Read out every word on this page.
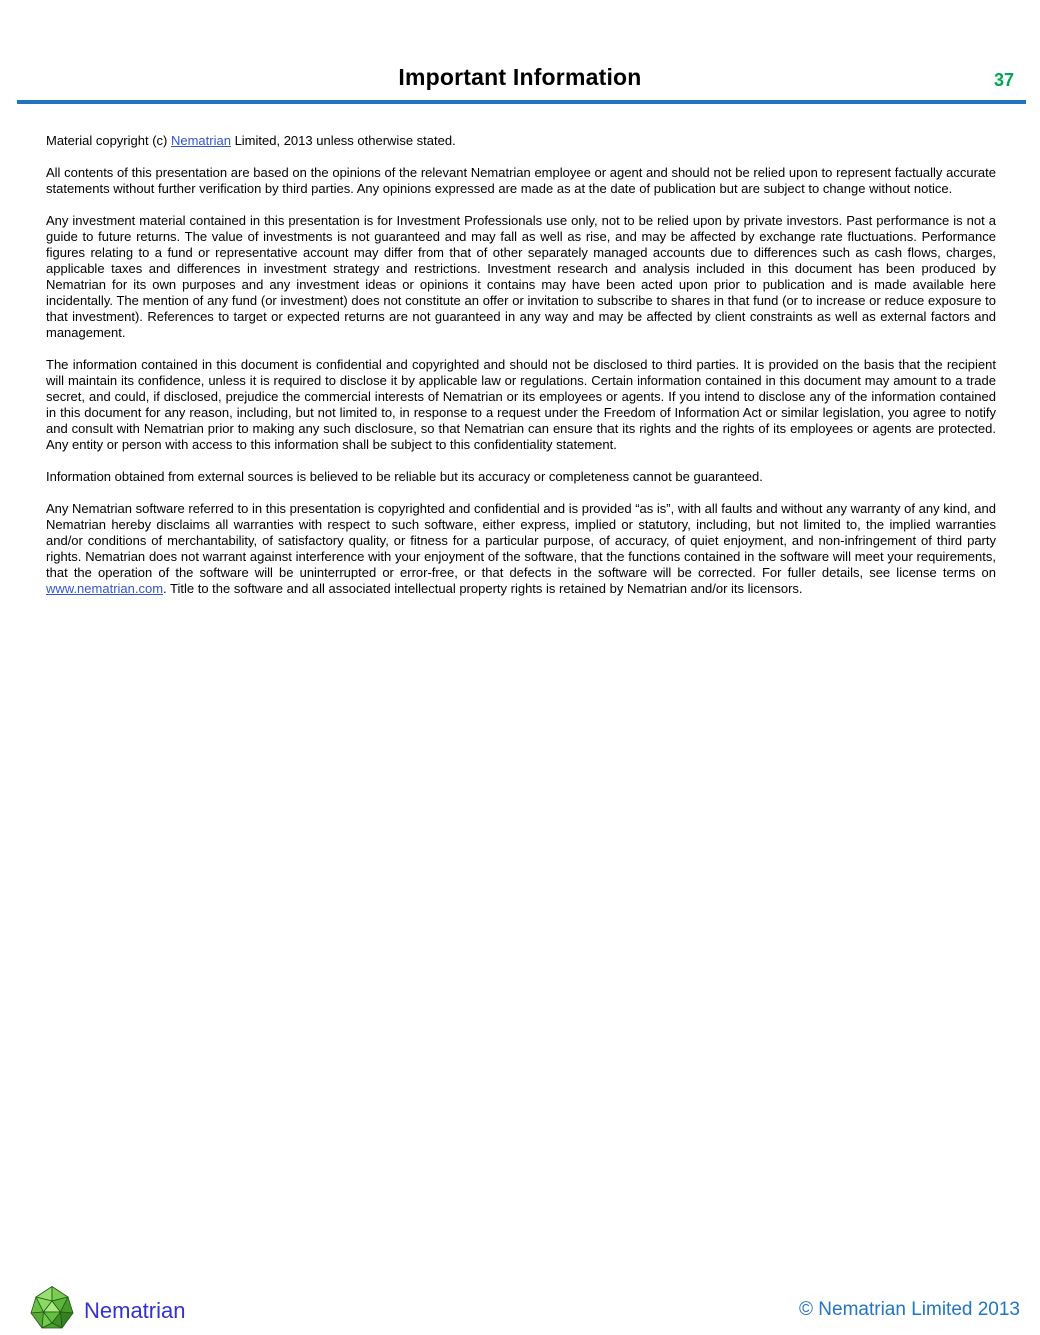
Important Information	37

Material copyright (c) Nematrian Limited, 2013 unless otherwise stated.

All contents of this presentation are based on the opinions of the relevant Nematrian employee or agent and should not be relied upon to represent factually accurate statements without further verification by third parties. Any opinions expressed are made as at the date of publication but are subject to change without notice.

Any investment material contained in this presentation is for Investment Professionals use only, not to be relied upon by private investors. Past performance is not a guide to future returns. The value of investments is not guaranteed and may fall as well as rise, and may be affected by exchange rate fluctuations. Performance figures relating to a fund or representative account may differ from that of other separately managed accounts due to differences such as cash flows, charges, applicable taxes and differences in investment strategy and restrictions. Investment research and analysis included in this document has been produced by Nematrian for its own purposes and any investment ideas or opinions it contains may have been acted upon prior to publication and is made available here incidentally. The mention of any fund (or investment) does not constitute an offer or invitation to subscribe to shares in that fund (or to increase or reduce exposure to that investment). References to target or expected returns are not guaranteed in any way and may be affected by client constraints as well as external factors and management.

The information contained in this document is confidential and copyrighted and should not be disclosed to third parties. It is provided on the basis that the recipient will maintain its confidence, unless it is required to disclose it by applicable law or regulations. Certain information contained in this document may amount to a trade secret, and could, if disclosed, prejudice the commercial interests of Nematrian or its employees or agents. If you intend to disclose any of the information contained in this document for any reason, including, but not limited to, in response to a request under the Freedom of Information Act or similar legislation, you agree to notify and consult with Nematrian prior to making any such disclosure, so that Nematrian can ensure that its rights and the rights of its employees or agents are protected. Any entity or person with access to this information shall be subject to this confidentiality statement.

Information obtained from external sources is believed to be reliable but its accuracy or completeness cannot be guaranteed.

Any Nematrian software referred to in this presentation is copyrighted and confidential and is provided “as is”, with all faults and without any warranty of any kind, and Nematrian hereby disclaims all warranties with respect to such software, either express, implied or statutory, including, but not limited to, the implied warranties and/or conditions of merchantability, of satisfactory quality, or fitness for a particular purpose, of accuracy, of quiet enjoyment, and non-infringement of third party rights. Nematrian does not warrant against interference with your enjoyment of the software, that the functions contained in the software will meet your requirements, that the operation of the software will be uninterrupted or error-free, or that defects in the software will be corrected. For fuller details, see license terms on www.nematrian.com. Title to the software and all associated intellectual property rights is retained by Nematrian and/or its licensors.

Nematrian	© Nematrian Limited 2013
